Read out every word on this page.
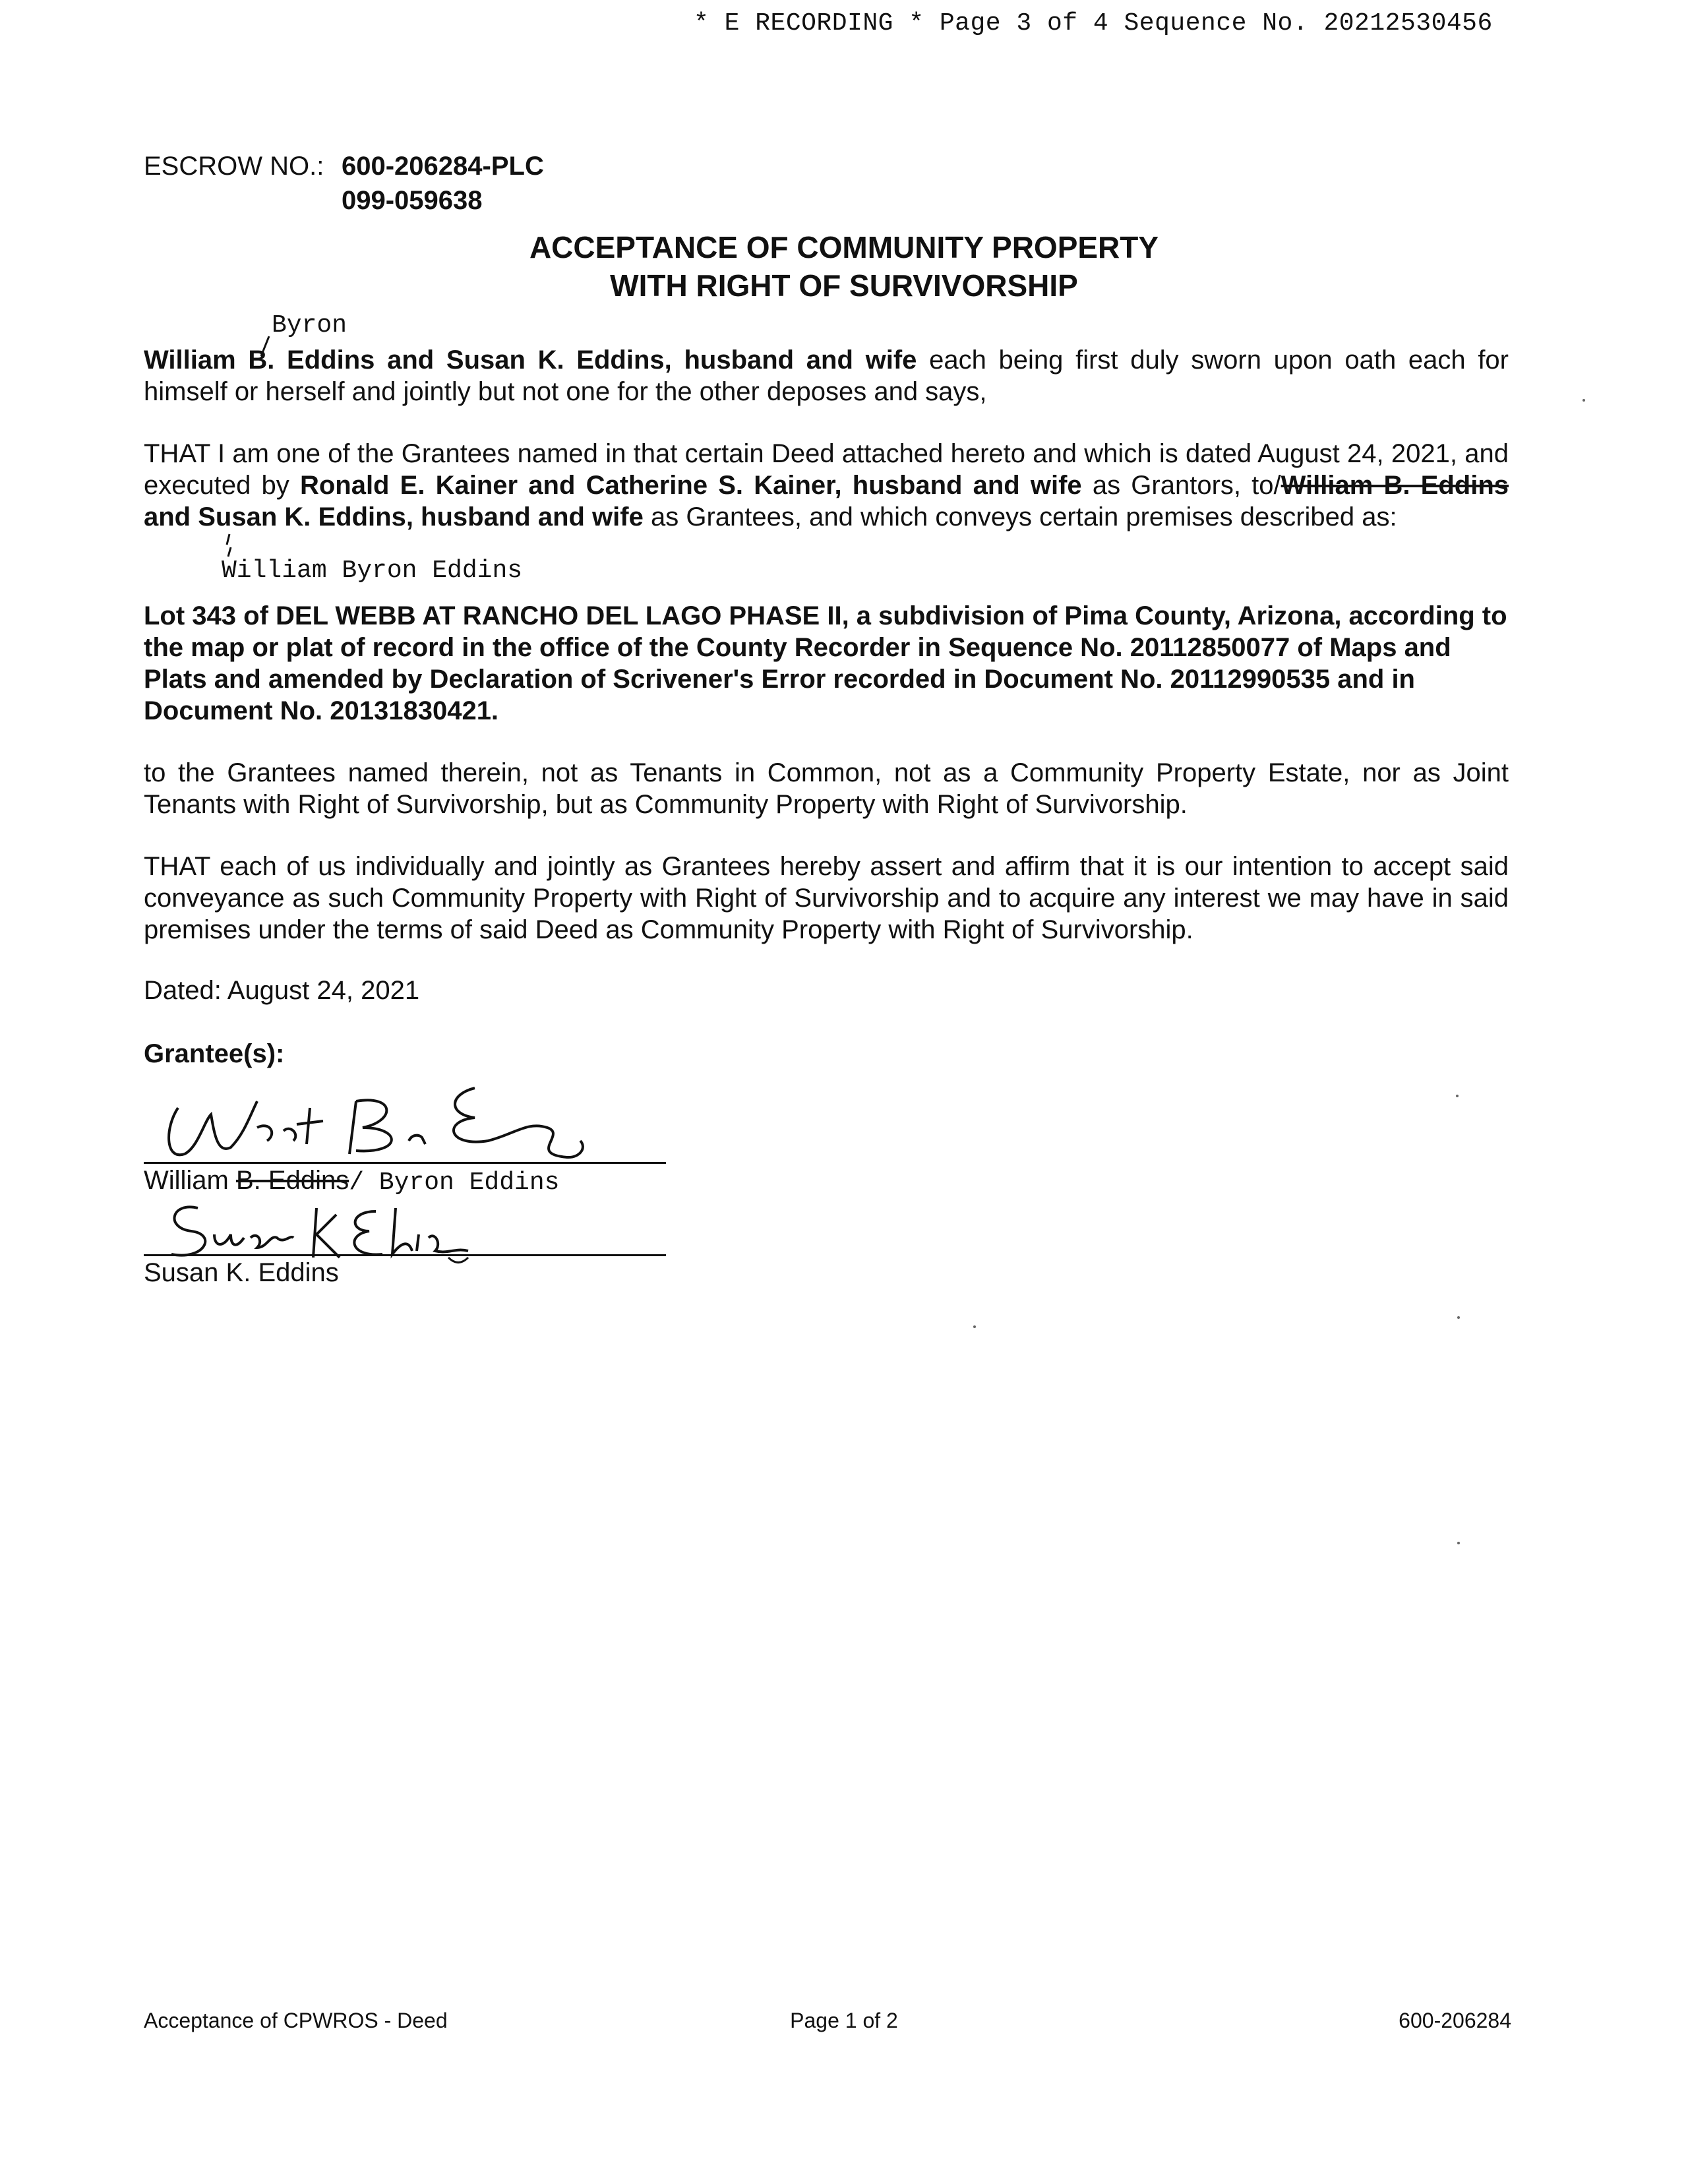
* E RECORDING * Page 3 of 4 Sequence No. 20212530456
ESCROW NO.: 600-206284-PLC
099-059638
ACCEPTANCE OF COMMUNITY PROPERTY
WITH RIGHT OF SURVIVORSHIP
Byron
William B. Eddins and Susan K. Eddins, husband and wife each being first duly sworn upon oath each for himself or herself and jointly but not one for the other deposes and says,
THAT I am one of the Grantees named in that certain Deed attached hereto and which is dated August 24, 2021, and executed by Ronald E. Kainer and Catherine S. Kainer, husband and wife as Grantors, to/William B. Eddins and Susan K. Eddins, husband and wife as Grantees, and which conveys certain premises described as:
William Byron Eddins
Lot 343 of DEL WEBB AT RANCHO DEL LAGO PHASE II, a subdivision of Pima County, Arizona, according to the map or plat of record in the office of the County Recorder in Sequence No. 20112850077 of Maps and Plats and amended by Declaration of Scrivener's Error recorded in Document No. 20112990535 and in Document No. 20131830421.
to the Grantees named therein, not as Tenants in Common, not as a Community Property Estate, nor as Joint Tenants with Right of Survivorship, but as Community Property with Right of Survivorship.
THAT each of us individually and jointly as Grantees hereby assert and affirm that it is our intention to accept said conveyance as such Community Property with Right of Survivorship and to acquire any interest we may have in said premises under the terms of said Deed as Community Property with Right of Survivorship.
Dated: August 24, 2021
Grantee(s):
William B. Eddins/ Byron Eddins
Susan K. Eddins
Acceptance of CPWROS - Deed	Page 1 of 2	600-206284
